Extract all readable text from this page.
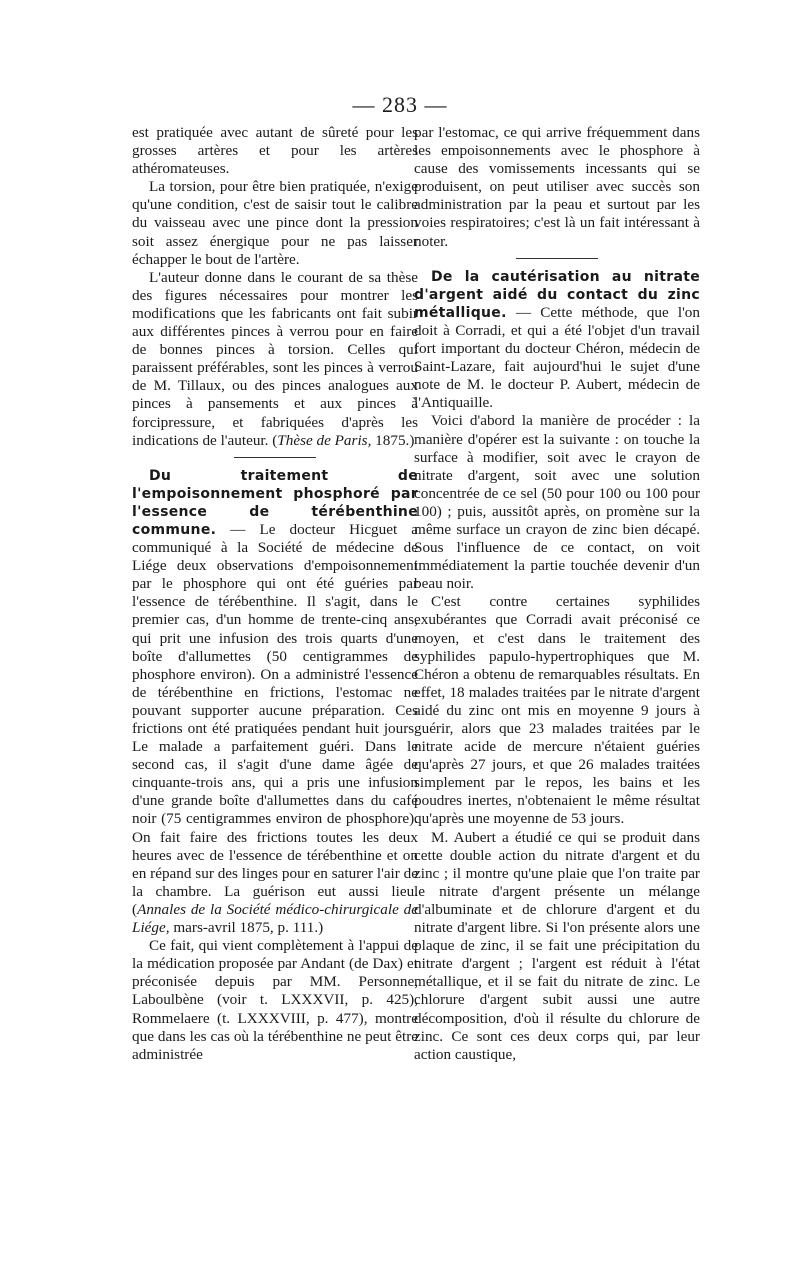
— 283 —

est pratiquée avec autant de sûreté pour les grosses artères et pour les artères athéromateuses.

La torsion, pour être bien pratiquée, n'exige qu'une condition, c'est de saisir tout le calibre du vaisseau avec une pince dont la pression soit assez énergique pour ne pas laisser échapper le bout de l'artère.

L'auteur donne dans le courant de sa thèse des figures nécessaires pour montrer les modifications que les fabricants ont fait subir aux différentes pinces à verrou pour en faire de bonnes pinces à torsion. Celles qui paraissent préférables, sont les pinces à verrou de M. Tillaux, ou des pinces analogues aux pinces à pansements et aux pinces à forcipressure, et fabriquées d'après les indications de l'auteur. (Thèse de Paris, 1875.)

Du traitement de l'empoisonnement phosphoré par l'essence de térébenthine commune. — Le docteur Hicguet a communiqué à la Société de médecine de Liége deux observations d'empoisonnement par le phosphore qui ont été guéries par l'essence de térébenthine. Il s'agit, dans le premier cas, d'un homme de trente-cinq ans, qui prit une infusion des trois quarts d'une boîte d'allumettes (50 centigrammes de phosphore environ). On a administré l'essence de térébenthine en frictions, l'estomac ne pouvant supporter aucune préparation. Ces frictions ont été pratiquées pendant huit jours. Le malade a parfaitement guéri. Dans le second cas, il s'agit d'une dame âgée de cinquante-trois ans, qui a pris une infusion d'une grande boîte d'allumettes dans du café noir (75 centigrammes environ de phosphore). On fait faire des frictions toutes les deux heures avec de l'essence de térébenthine et on en répand sur des linges pour en saturer l'air de la chambre. La guérison eut aussi lieu. (Annales de la Société médico-chirurgicale de Liége, mars-avril 1875, p. 111.)

Ce fait, qui vient complètement à l'appui de la médication proposée par Andant (de Dax) et préconisée depuis par MM. Personne, Laboulbène (voir t. LXXXVII, p. 425), Rommelaere (t. LXXXVIII, p. 477), montre que dans les cas où la térébenthine ne peut être administrée

par l'estomac, ce qui arrive fréquemment dans les empoisonnements avec le phosphore à cause des vomissements incessants qui se produisent, on peut utiliser avec succès son administration par la peau et surtout par les voies respiratoires; c'est là un fait intéressant à noter.

De la cautérisation au nitrate d'argent aidé du contact du zinc métallique. — Cette méthode, que l'on doit à Corradi, et qui a été l'objet d'un travail fort important du docteur Chéron, médecin de Saint-Lazare, fait aujourd'hui le sujet d'une note de M. le docteur P. Aubert, médecin de l'Antiquaille.

Voici d'abord la manière de procéder : la manière d'opérer est la suivante : on touche la surface à modifier, soit avec le crayon de nitrate d'argent, soit avec une solution concentrée de ce sel (50 pour 100 ou 100 pour 100) ; puis, aussitôt après, on promène sur la même surface un crayon de zinc bien décapé. Sous l'influence de ce contact, on voit immédiatement la partie touchée devenir d'un beau noir.

C'est contre certaines syphilides exubérantes que Corradi avait préconisé ce moyen, et c'est dans le traitement des syphilides papulo-hypertrophiques que M. Chéron a obtenu de remarquables résultats. En effet, 18 malades traitées par le nitrate d'argent aidé du zinc ont mis en moyenne 9 jours à guérir, alors que 23 malades traitées par le nitrate acide de mercure n'étaient guéries qu'après 27 jours, et que 26 malades traitées simplement par le repos, les bains et les poudres inertes, n'obtenaient le même résultat qu'après une moyenne de 53 jours.

M. Aubert a étudié ce qui se produit dans cette double action du nitrate d'argent et du zinc ; il montre qu'une plaie que l'on traite par le nitrate d'argent présente un mélange d'albuminate et de chlorure d'argent et du nitrate d'argent libre. Si l'on présente alors une plaque de zinc, il se fait une précipitation du nitrate d'argent ; l'argent est réduit à l'état métallique, et il se fait du nitrate de zinc. Le chlorure d'argent subit aussi une autre décomposition, d'où il résulte du chlorure de zinc. Ce sont ces deux corps qui, par leur action caustique,
